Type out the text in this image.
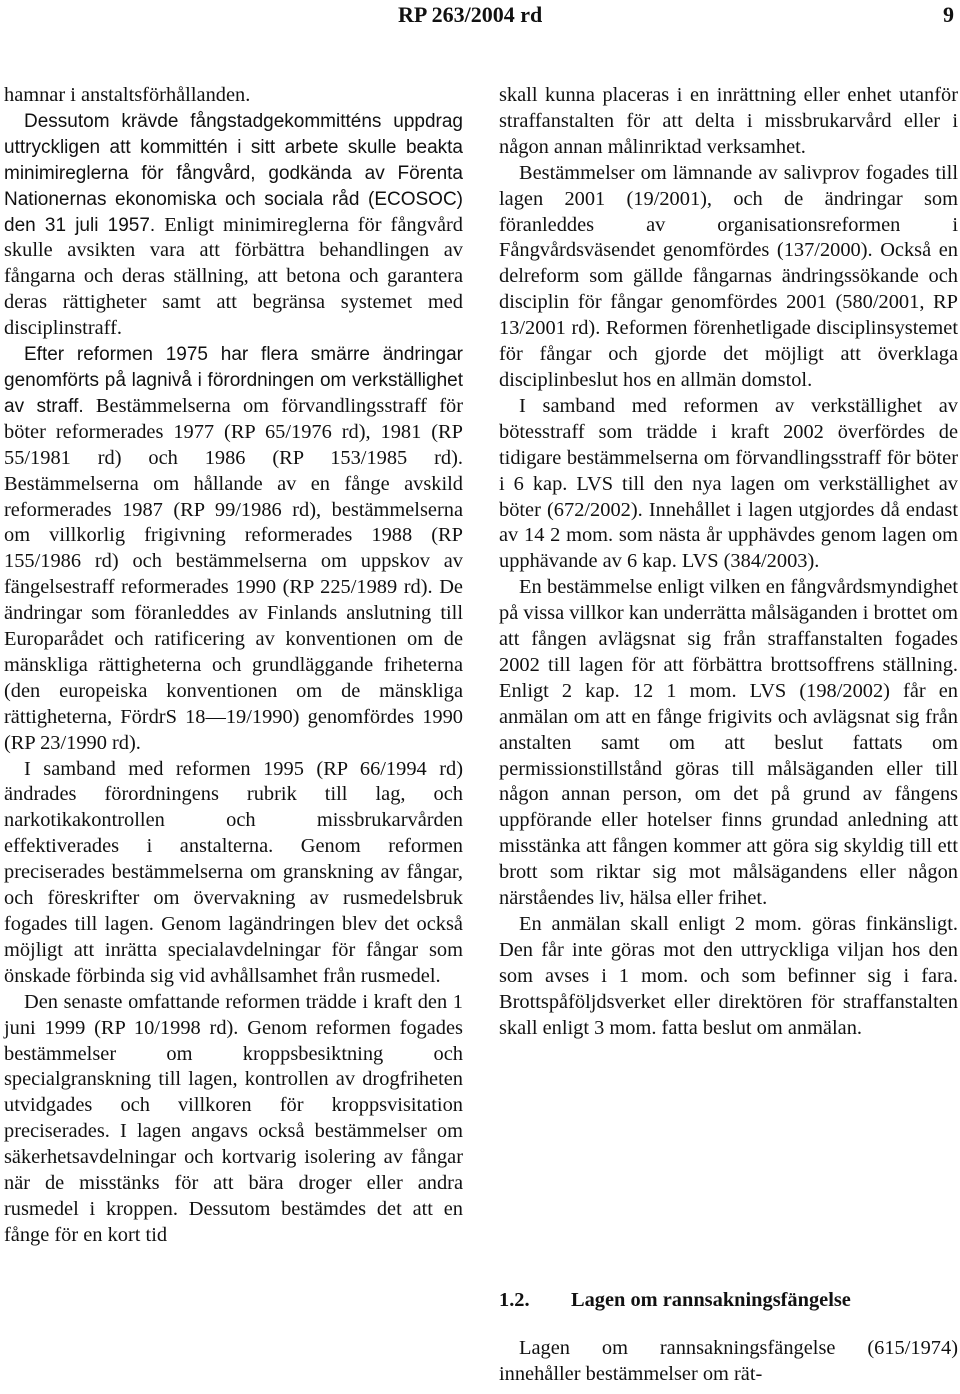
RP 263/2004 rd	9

hamnar i anstaltsförhållanden.

Dessutom krävde fångstadgekommitténs uppdrag uttryckligen att kommittén i sitt arbete skulle beakta minimireglerna för fångvård, godkända av Förenta Nationernas ekonomiska och sociala råd (ECOSOC) den 31 juli 1957. Enligt minimireglerna för fångvård skulle avsikten vara att förbättra behandlingen av fångarna och deras ställning, att betona och garantera deras rättigheter samt att begränsa systemet med disciplinstraff.

Efter reformen 1975 har flera smärre ändringar genomförts på lagnivå i förordningen om verkställighet av straff. Bestämmelserna om förvandlingsstraff för böter reformerades 1977 (RP 65/1976 rd), 1981 (RP 55/1981 rd) och 1986 (RP 153/1985 rd). Bestämmelserna om hållande av en fånge avskild reformerades 1987 (RP 99/1986 rd), bestämmelserna om villkorlig frigivning reformerades 1988 (RP 155/1986 rd) och bestämmelserna om uppskov av fängelsestraff reformerades 1990 (RP 225/1989 rd). De ändringar som föranleddes av Finlands anslutning till Europarådet och ratificering av konventionen om de mänskliga rättigheterna och grundläggande friheterna (den europeiska konventionen om de mänskliga rättigheterna, FördrS 18—19/1990) genomfördes 1990 (RP 23/1990 rd).

I samband med reformen 1995 (RP 66/1994 rd) ändrades förordningens rubrik till lag, och narkotikakontrollen och missbrukarvården effektiverades i anstalterna. Genom reformen preciserades bestämmelserna om granskning av fångar, och föreskrifter om övervakning av rusmedelsbruk fogades till lagen. Genom lagändringen blev det också möjligt att inrätta specialavdelningar för fångar som önskade förbinda sig vid avhållsamhet från rusmedel.

Den senaste omfattande reformen trädde i kraft den 1 juni 1999 (RP 10/1998 rd). Genom reformen fogades bestämmelser om kroppsbesiktning och specialgranskning till lagen, kontrollen av drogfriheten utvidgades och villkoren för kroppsvisitation preciserades. I lagen angavs också bestämmelser om säkerhetsavdelningar och kortvarig isolering av fångar när de misstänks för att bära droger eller andra rusmedel i kroppen. Dessutom bestämdes det att en fånge för en kort tid

skall kunna placeras i en inrättning eller enhet utanför straffanstalten för att delta i missbrukarvård eller i någon annan målinriktad verksamhet.

Bestämmelser om lämnande av salivprov fogades till lagen 2001 (19/2001), och de ändringar som föranleddes av organisationsreformen i Fångvårdsväsendet genomfördes (137/2000). Också en delreform som gällde fångarnas ändringssökande och disciplin för fångar genomfördes 2001 (580/2001, RP 13/2001 rd). Reformen förenhetligade disciplinsystemet för fångar och gjorde det möjligt att överklaga disciplinbeslut hos en allmän domstol.

I samband med reformen av verkställighet av bötesstraff som trädde i kraft 2002 överfördes de tidigare bestämmelserna om förvandlingsstraff för böter i 6 kap. LVS till den nya lagen om verkställighet av böter (672/2002). Innehållet i lagen utgjordes då endast av 14 2 mom. som nästa år upphävdes genom lagen om upphävande av 6 kap. LVS (384/2003).

En bestämmelse enligt vilken en fångvårdsmyndighet på vissa villkor kan underrätta målsäganden i brottet om att fången avlägsnat sig från straffanstalten fogades 2002 till lagen för att förbättra brottsoffrens ställning. Enligt 2 kap. 12 1 mom. LVS (198/2002) får en anmälan om att en fånge frigivits och avlägsnat sig från anstalten samt om att beslut fattats om permissionstillstånd göras till målsäganden eller till någon annan person, om det på grund av fångens uppförande eller hotelser finns grundad anledning att misstänka att fången kommer att göra sig skyldig till ett brott som riktar sig mot målsägandens eller någon närståendes liv, hälsa eller frihet.

En anmälan skall enligt 2 mom. göras finkänsligt. Den får inte göras mot den uttryckliga viljan hos den som avses i 1 mom. och som befinner sig i fara. Brottspåföljdsverket eller direktören för straffanstalten skall enligt 3 mom. fatta beslut om anmälan.

1.2. Lagen om rannsakningsfängelse

Lagen om rannsakningsfängelse (615/1974) innehåller bestämmelser om rät-
